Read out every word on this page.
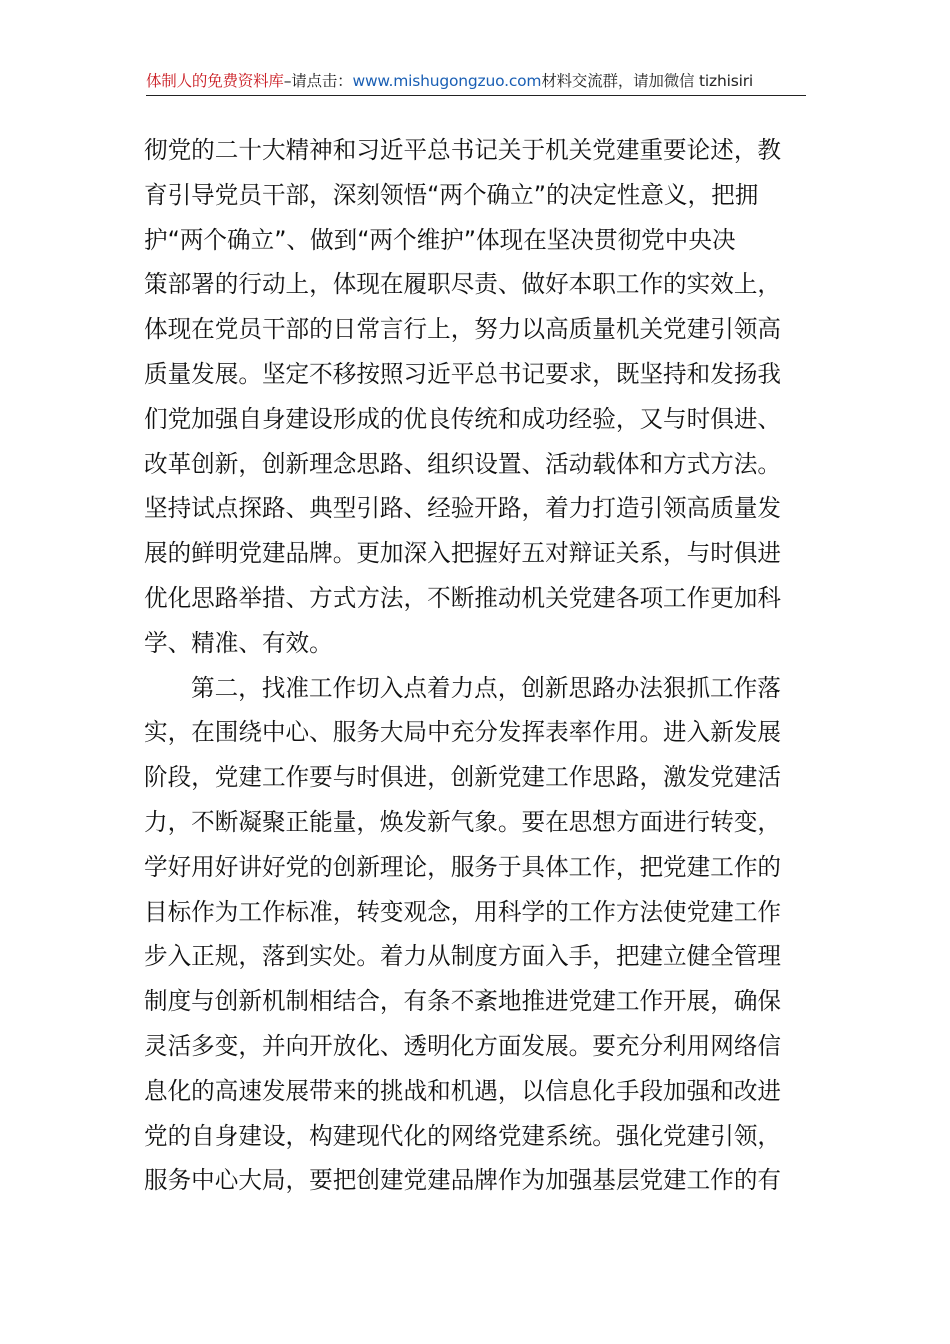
体制人的免费资料库–请点击：www.mishugongzuo.com材料交流群，请加微信 tizhisiri
彻党的二十大精神和习近平总书记关于机关党建重要论述，教
育引导党员干部，深刻领悟“两个确立”的决定性意义，把拥
护“两个确立”、做到“两个维护”体现在坚决贯彻党中央决
策部署的行动上，体现在履职尽责、做好本职工作的实效上，
体现在党员干部的日常言行上，努力以高质量机关党建引领高
质量发展。坚定不移按照习近平总书记要求，既坚持和发扬我
们党加强自身建设形成的优良传统和成功经验，又与时俱进、
改革创新，创新理念思路、组织设置、活动载体和方式方法。
坚持试点探路、典型引路、经验开路，着力打造引领高质量发
展的鲜明党建品牌。更加深入把握好五对辩证关系，与时俱进
优化思路举措、方式方法，不断推动机关党建各项工作更加科
学、精准、有效。
第二，找准工作切入点着力点，创新思路办法狠抓工作落
实，在围绕中心、服务大局中充分发挥表率作用。进入新发展
阶段，党建工作要与时俱进，创新党建工作思路，激发党建活
力，不断凝聚正能量，焕发新气象。要在思想方面进行转变，
学好用好讲好党的创新理论，服务于具体工作，把党建工作的
目标作为工作标准，转变观念，用科学的工作方法使党建工作
步入正规，落到实处。着力从制度方面入手，把建立健全管理
制度与创新机制相结合，有条不紊地推进党建工作开展，确保
灵活多变，并向开放化、透明化方面发展。要充分利用网络信
息化的高速发展带来的挑战和机遇，以信息化手段加强和改进
党的自身建设，构建现代化的网络党建系统。强化党建引领，
服务中心大局，要把创建党建品牌作为加强基层党建工作的有
